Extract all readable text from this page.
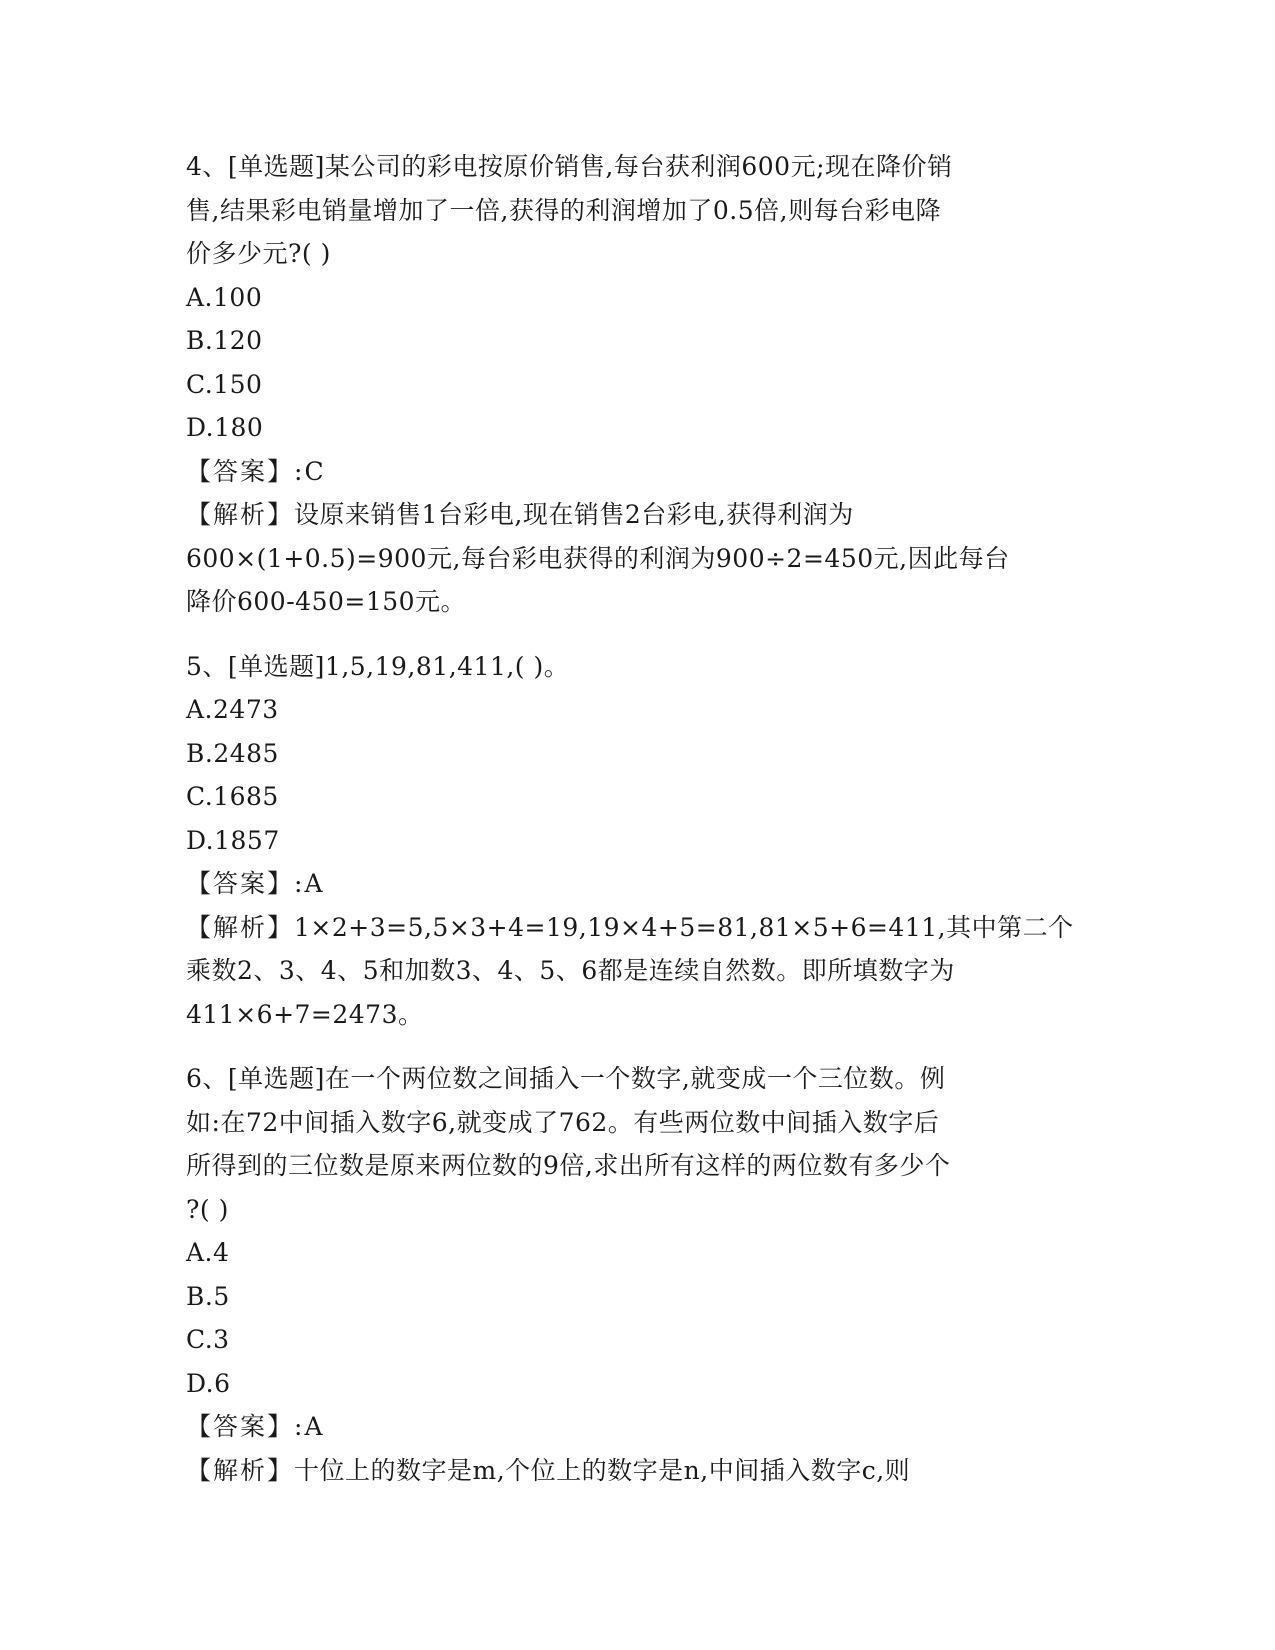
4、[单选题]某公司的彩电按原价销售,每台获利润600元;现在降价销
售,结果彩电销量增加了一倍,获得的利润增加了0.5倍,则每台彩电降
价多少元?( )
A.100
B.120
C.150
D.180
【答案】:C
【解析】设原来销售1台彩电,现在销售2台彩电,获得利润为
600×(1+0.5)=900元,每台彩电获得的利润为900÷2=450元,因此每台
降价600-450=150元。
5、[单选题]1,5,19,81,411,( )。
A.2473
B.2485
C.1685
D.1857
【答案】:A
【解析】1×2+3=5,5×3+4=19,19×4+5=81,81×5+6=411,其中第二个
乘数2、3、4、5和加数3、4、5、6都是连续自然数。即所填数字为
411×6+7=2473。
6、[单选题]在一个两位数之间插入一个数字,就变成一个三位数。例
如:在72中间插入数字6,就变成了762。有些两位数中间插入数字后
所得到的三位数是原来两位数的9倍,求出所有这样的两位数有多少个
?( )
A.4
B.5
C.3
D.6
【答案】:A
【解析】十位上的数字是m,个位上的数字是n,中间插入数字c,则
